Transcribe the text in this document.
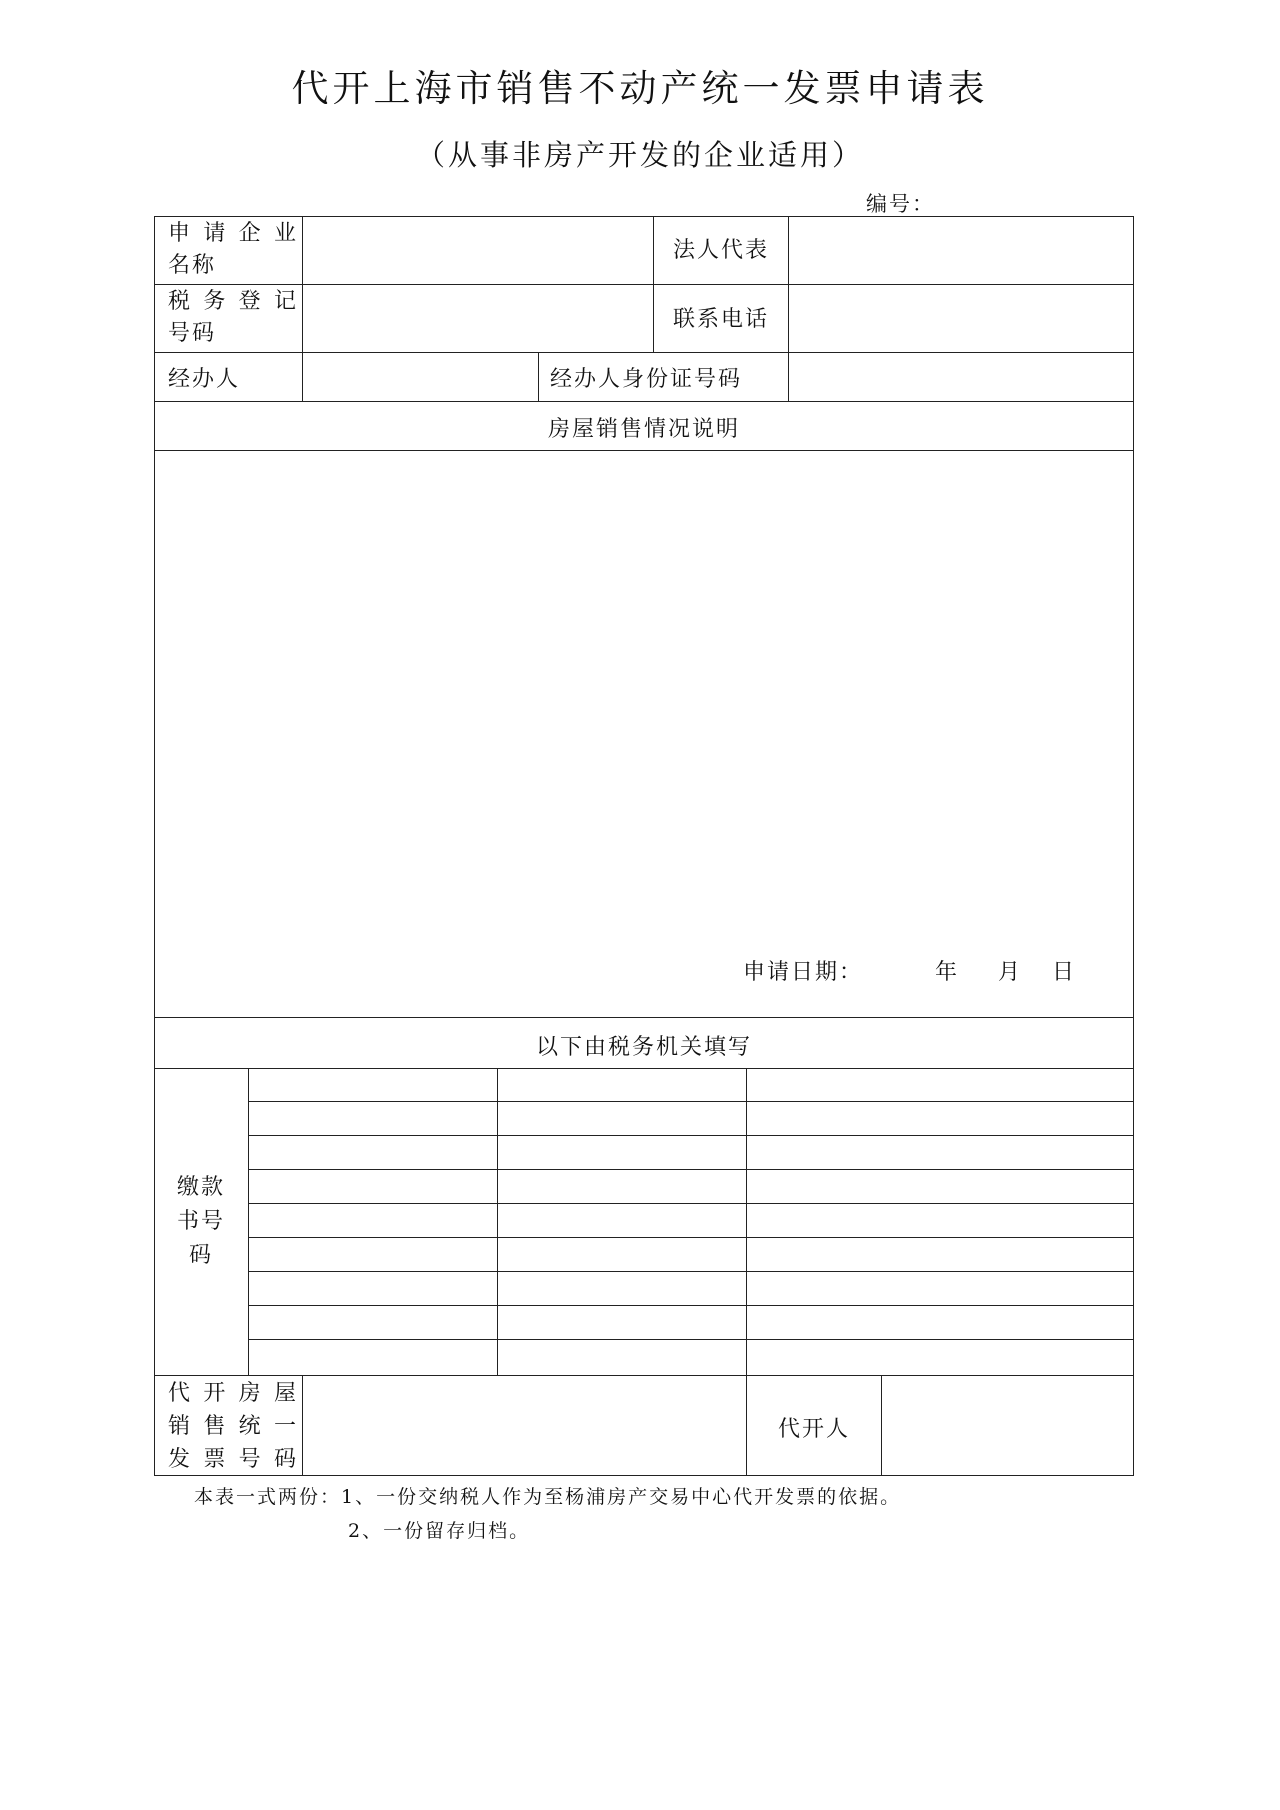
代开上海市销售不动产统一发票申请表
（从事非房产开发的企业适用）
编号：
申请企业
名称
法人代表
税务登记
号码
联系电话
经办人	经办人身份证号码
房屋销售情况说明
申请日期：	年 月 日
以下由税务机关填写
缴款
书号
码
代开房屋
销售统一
发票号码
代开人
本表一式两份：1、一份交纳税人作为至杨浦房产交易中心代开发票的依据。
2、一份留存归档。
